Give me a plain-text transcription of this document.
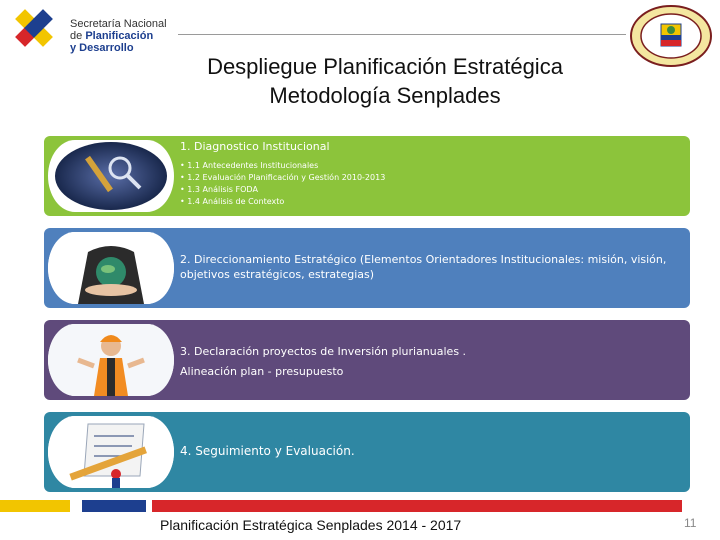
Secretaría Nacional
de Planificación
y Desarrollo
Despliegue Planificación Estratégica
Metodología Senplades
1. Diagnostico Institucional
• 1.1 Antecedentes Institucionales
• 1.2 Evaluación Planificación y Gestión 2010-2013
• 1.3 Análisis FODA
• 1.4 Análisis de Contexto
2. Direccionamiento Estratégico (Elementos Orientadores Institucionales: misión, visión, objetivos estratégicos, estrategias)
3. Declaración proyectos de Inversión plurianuales .
Alineación plan - presupuesto
4. Seguimiento y Evaluación.
Planificación Estratégica Senplades 2014 - 2017	11
